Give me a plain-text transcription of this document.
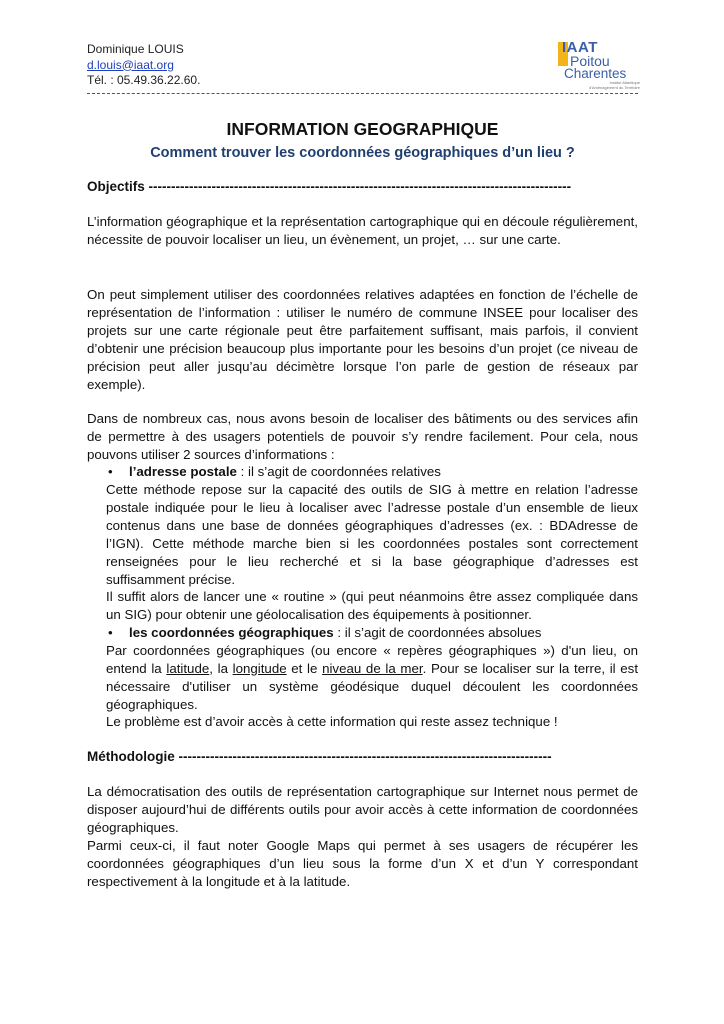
Dominique LOUIS
d.louis@iaat.org
Tél. : 05.49.36.22.60.
IAAT
Poitou
Charentes
Institut Atlantique d'Aménagement du Territoire
INFORMATION GEOGRAPHIQUE
Comment trouver les coordonnées géographiques d’un lieu ?
Objectifs ----------------------------------------------------------------------------------------------

L’information géographique et la représentation cartographique qui en découle régulièrement, nécessite de pouvoir localiser un lieu, un évènement, un projet, … sur une carte.

On peut simplement utiliser des coordonnées relatives adaptées en fonction de l’échelle de représentation de l’information : utiliser le numéro de commune INSEE pour localiser des projets sur une carte régionale peut être parfaitement suffisant, mais parfois, il convient d’obtenir une précision beaucoup plus importante pour les besoins d’un projet (ce niveau de précision peut aller jusqu’au décimètre lorsque l’on parle de gestion de réseaux par exemple).

Dans de nombreux cas, nous avons besoin de localiser des bâtiments ou des services afin de permettre à des usagers potentiels de pouvoir s’y rendre facilement. Pour cela, nous pouvons utiliser 2 sources d’informations :

• l’adresse postale : il s’agit de coordonnées relatives

Cette méthode repose sur la capacité des outils de SIG à mettre en relation l’adresse postale indiquée pour le lieu à localiser avec l’adresse postale d’un ensemble de lieux contenus dans une base de données géographiques d’adresses (ex. : BDAdresse de l’IGN). Cette méthode marche bien si les coordonnées postales sont correctement renseignées pour le lieu recherché et si la base géographique d’adresses est suffisamment précise.

Il suffit alors de lancer une « routine » (qui peut néanmoins être assez compliquée dans un SIG) pour obtenir une géolocalisation des équipements à positionner.

• les coordonnées géographiques : il s’agit de coordonnées absolues

Par coordonnées géographiques (ou encore « repères géographiques ») d'un lieu, on entend la latitude, la longitude et le niveau de la mer. Pour se localiser sur la terre, il est nécessaire d'utiliser un système géodésique duquel découlent les coordonnées géographiques.

Le problème est d’avoir accès à cette information qui reste assez technique !

Méthodologie -----------------------------------------------------------------------------------

La démocratisation des outils de représentation cartographique sur Internet nous permet de disposer aujourd’hui de différents outils pour avoir accès à cette information de coordonnées géographiques.

Parmi ceux-ci, il faut noter Google Maps qui permet à ses usagers de récupérer les coordonnées géographiques d’un lieu sous la forme d’un X et d’un Y correspondant respectivement à la longitude et à la latitude.
